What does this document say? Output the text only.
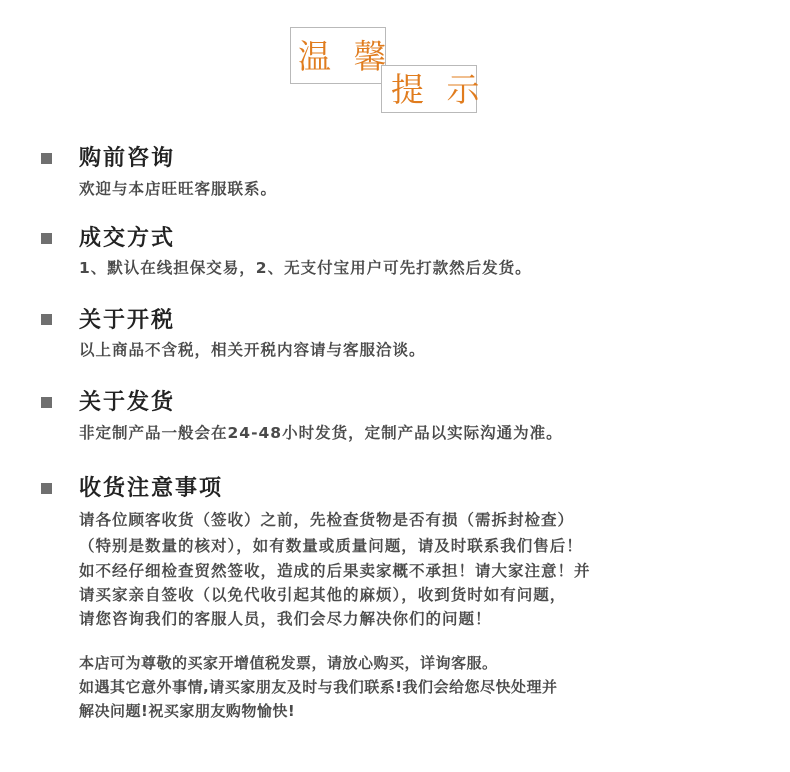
温 馨
提 示
购前咨询
欢迎与本店旺旺客服联系。
成交方式
1、默认在线担保交易，2、无支付宝用户可先打款然后发货。
关于开税
以上商品不含税，相关开税内容请与客服洽谈。
关于发货
非定制产品一般会在24-48小时发货，定制产品以实际沟通为准。
收货注意事项
请各位顾客收货（签收）之前，先检查货物是否有损（需拆封检查）
（特别是数量的核对），如有数量或质量问题，请及时联系我们售后！
如不经仔细检查贸然签收，造成的后果卖家概不承担！请大家注意！并
请买家亲自签收（以免代收引起其他的麻烦），收到货时如有问题，
请您咨询我们的客服人员，我们会尽力解决你们的问题！
本店可为尊敬的买家开增值税发票，请放心购买，详询客服。
如遇其它意外事情,请买家朋友及时与我们联系!我们会给您尽快处理并
解决问题!祝买家朋友购物愉快!
